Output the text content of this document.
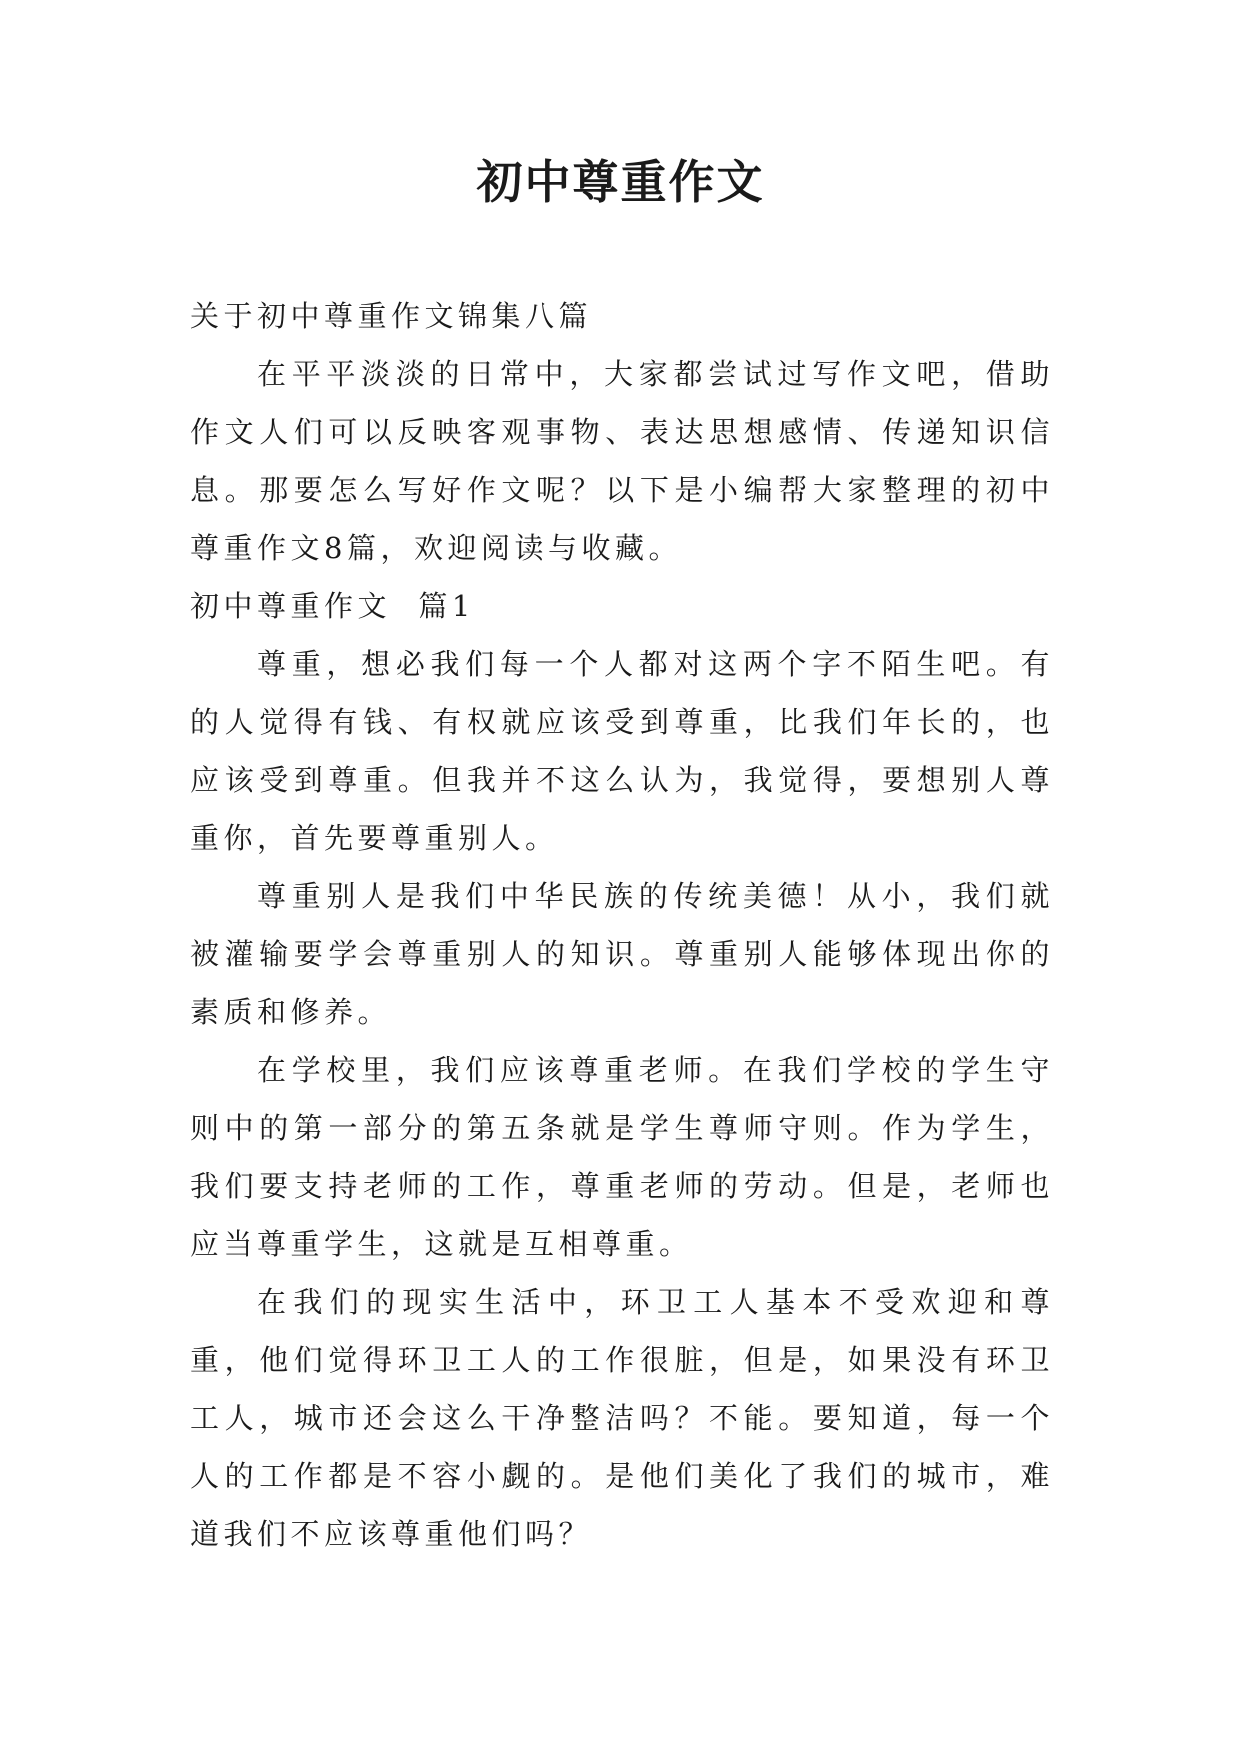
初中尊重作文

关于初中尊重作文锦集八篇

在平平淡淡的日常中，大家都尝试过写作文吧，借助作文人们可以反映客观事物、表达思想感情、传递知识信息。那要怎么写好作文呢？以下是小编帮大家整理的初中尊重作文8篇，欢迎阅读与收藏。

初中尊重作文  篇1

尊重，想必我们每一个人都对这两个字不陌生吧。有的人觉得有钱、有权就应该受到尊重，比我们年长的，也应该受到尊重。但我并不这么认为，我觉得，要想别人尊重你，首先要尊重别人。

尊重别人是我们中华民族的传统美德！从小，我们就被灌输要学会尊重别人的知识。尊重别人能够体现出你的素质和修养。

在学校里，我们应该尊重老师。在我们学校的学生守则中的第一部分的第五条就是学生尊师守则。作为学生，我们要支持老师的工作，尊重老师的劳动。但是，老师也应当尊重学生，这就是互相尊重。

在我们的现实生活中，环卫工人基本不受欢迎和尊重，他们觉得环卫工人的工作很脏，但是，如果没有环卫工人，城市还会这么干净整洁吗？不能。要知道，每一个人的工作都是不容小觑的。是他们美化了我们的城市，难道我们不应该尊重他们吗？
